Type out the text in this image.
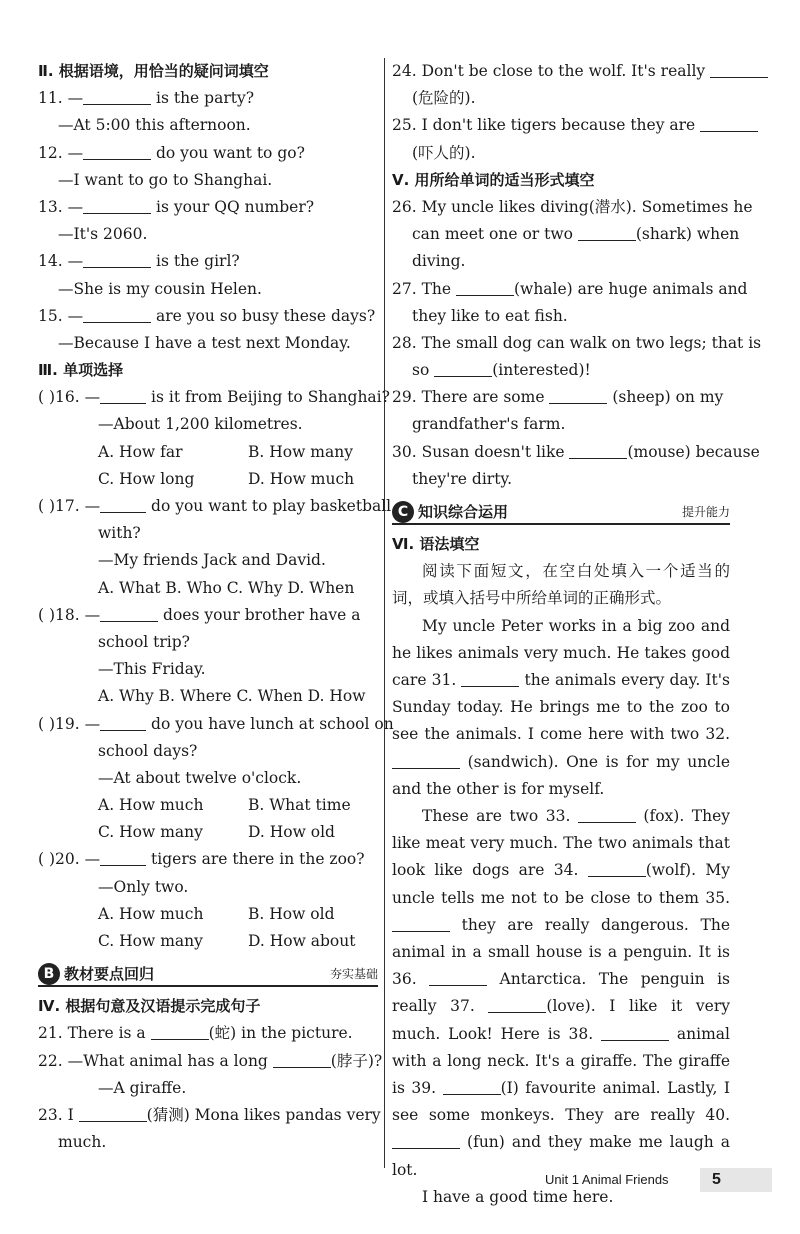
Ⅱ. 根据语境，用恰当的疑问词填空
11. —	is the party?
—At 5:00 this afternoon.
12. —	do you want to go?
—I want to go to Shanghai.
13. —	is your QQ number?
—It's 2060.
14. —	is the girl?
—She is my cousin Helen.
15. —	are you so busy these days?
—Because I have a test next Monday.
Ⅲ. 单项选择
( )16. —	is it from Beijing to Shanghai?
—About 1,200 kilometres.
A. How far	B. How many
C. How long	D. How much
( )17. —	do you want to play basketball
with?
—My friends Jack and David.
A. What B. Who C. Why D. When
( )18. —	does your brother have a
school trip?
—This Friday.
A. Why B. Where C. When D. How
( )19. —	do you have lunch at school on
school days?
—At about twelve o'clock.
A. How much	B. What time
C. How many	D. How old
( )20. —	tigers are there in the zoo?
—Only two.
A. How much	B. How old
C. How many	D. How about
B 教材要点回归	夯实基础
Ⅳ. 根据句意及汉语提示完成句子
21. There is a	(蛇) in the picture.
22. —What animal has a long	(脖子)?
—A giraffe.
23. I	(猜测) Mona likes pandas very
much.
24. Don't be close to the wolf. It's really
(危险的).
25. I don't like tigers because they are
(吓人的).
Ⅴ. 用所给单词的适当形式填空
26. My uncle likes diving(潜水). Sometimes he
can meet one or two	(shark) when
diving.
27. The	(whale) are huge animals and
they like to eat fish.
28. The small dog can walk on two legs; that is
so	(interested)!
29. There are some	(sheep) on my
grandfather's farm.
30. Susan doesn't like	(mouse) because
they're dirty.
C 知识综合运用	提升能力
Ⅵ. 语法填空

阅读下面短文，在空白处填入一个适当的词，或填入括号中所给单词的正确形式。

My uncle Peter works in a big zoo and he likes animals very much. He takes good care 31.	the animals every day. It's Sunday today. He brings me to the zoo to see the animals. I come here with two 32.  (sandwich). One is for my uncle and the other is for myself.

These are two 33.	(fox). They like meat very much. The two animals that look like dogs are 34.	(wolf). My uncle tells me not to be close to them 35.  they are really dangerous. The animal in a small house is a penguin. It is 36.	Antarctica. The penguin is really 37.	(love). I like it very much. Look! Here is 38.	animal with a long neck. It's a giraffe. The giraffe is 39.	(I) favourite animal. Lastly, I see some monkeys. They are really 40.  (fun) and they make me laugh a lot.

I have a good time here.

Unit 1 Animal Friends	5
